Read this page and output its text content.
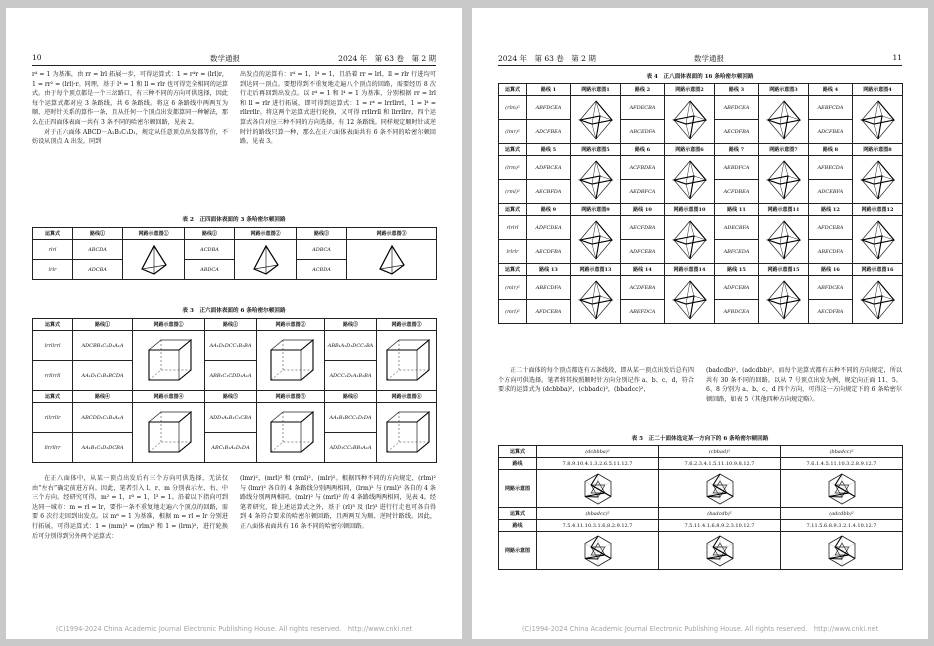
10	数学通报	2024 年　第 63 卷　第 2 期

r⁴ = 1 为基准，由 rr = lrl 拓展一步，可得运算式：1 = r⁴r = (lrl)r，1 = rr² = (lrl)·r。同理，基于 l⁴ = 1 和 ll = rlr 也可得完全相同的运算式。由于每个顶点都是一个三岔路口，有三种不同的方向可供选择，因此每个运算式都对应 3 条路线，共 6 条路线。将这 6 条路线中两两互为顺、逆时针关系的算作一条，且从任何一个顶点出发都算同一种解法，那么在正四面体表面一共有 3 条不同的哈密尔顿回路，见表 2。

对于正六面体 ABCD－A₁B₁C₁D₁，规定从任意顶点出发都等价，不妨设从顶点 A 出发。同到

出发点的运算有：r⁴ = 1，l⁴ = 1，且沿着 rr = lrl，ll = rlr 行进均可到达同一顶点。要想得到不重复地走遍八个顶点的回路，需要经历 8 次行走后再回到出发点。以 r⁴ = 1 和 l⁴ = 1 为基准，分别根据 rr = lrl 和 ll = rlr 进行拓展，即可得到运算式：1 = r⁴ = lrrllrrl，1 = l⁴ = rllrrllr。将这两个运算式进行轮换，又可得 rrllrrll 和 llrrllrr。四个运算式各自对应三种不同的方向选择，有 12 条路线。同样规定顺时针或逆时针的路线只算一种，那么在正六面体表面共有 6 条不同的哈密尔顿回路，见表 3。

表 2　正四面体表面的 3 条哈密尔顿回路
运算式	路线①	网路示意图①	路线②	网路示意图②	路线③	网路示意图③
rlrl	ABCDA		ACDBA		ADBCA	

lrlr	ADCBA		ABDCA		ACBDA	
表 3　正六面体表面的 6 条哈密尔顿回路
运算式	路线①	网路示意图①	路线②	网路示意图②	路线③	网路示意图③
lrrllrrl	ADCBB₁C₁D₁A₁A		AA₁D₁DCC₁B₁BA		ABB₁A₁D₁DCC₁BA	

rrllrrll	AA₁D₁C₁B₁BCDA		ABB₁C₁CDD₁A₁A		ADCC₁D₁A₁B₁BA	
运算式	路线④	网路示意图④	路线⑤	网路示意图⑤	路线⑥	网路示意图⑥
rllrrllr	ABCDD₁C₁B₁A₁A		ADD₁A₁B₁C₁CBA		AA₁B₁BCC₁D₁DA	

llrrllrr	AA₁B₁C₁D₁DCBA		ABC₁B₁A₁D₁DA		ADD₁CC₁BB₁A₁A	

在正八面体中，从某一顶点出发后有三个方向可供选择，无法仅由“左右”确定前进方向。因此，笔者引入 l、r、m 分别表示左、右、中三个方向。经研究可得，m² = 1，r³ = 1，l³ = 1。沿着以下指向可到达同一城市：m = rl = lr，要作一条不重复地走遍六个顶点的回路，需要 6 次行走回到出发点。以 m⁶ = 1 为基准，根据 m = rl = lr 分别进行拓展，可得运算式：1 = (mm)³ = (rlm)² 和 1 = (lrm)²，进行轮换后可分别得到另外两个运算式：

(lmr)²，(mrl)² 和 (rml)²，(mlr)²。根据四种不同的方向规定，(rlm)² 与 (lmr)² 各自的 4 条路线分别两两相同，(lrm)² 与 (rml)² 各自的 4 条路线分别两两相同，(mlr)² 与 (mrl)² 的 4 条路线两两相同，见表 4。经笔者研究，除上述运算式之外，基于 (rl)³ 及 (lr)³ 进行行走也可各自得到 4 条符合要求的哈密尔顿回路，且两两互为顺、逆时针路线。因此，正八面体表面共有 16 条不同的哈密尔顿回路。

(C)1994-2024 China Academic Journal Electronic Publishing House. All rights reserved.　http://www.cnki.net
2024 年　第 63 卷　第 2 期	数学通报	11
表 4　正八面体表面的 16 条哈密尔顿回路
运算式	路线 1	网路示意图1	路线 2	网路示意图2	路线 3	网路示意图3	路线 4	网路示意图4
(rlm)²	ABFDCEA		AFDECBA		ABFDCEA		AEBFCDA	

(lmr)²	ADCFBEA		ABCEDFA		AECDFBA		ADCFBEA	
运算式	路线 5	网路示意图5	路线 6	网路示意图6	路线 7	网路示意图7	路线 8	网路示意图8
(lrm)²	ADFBCEA		ACFBDEA		AEBDFCA		AFBECDA	

(rml)²	AECBFDA		AEDBFCA		ACFDBEA		ADCEBFA	
运算式	路线 9	网路示意图9	路线 10	网路示意图10	路线 11	网路示意图11	路线 12	网路示意图12
rlrlrl	ADFCDEA		AECFDBA		ADECBFA		AFDCEBA	

lrlrlr	AECDFBA		ADFCEBA		ABFCEDA		ABECDFA	
运算式	路线 13	网路示意图13	路线 14	网路示意图14	路线 15	网路示意图15	路线 16	网路示意图16
(mlr)²	ABECDFA		ACDFEBA		ADFCEBA		ABFDCEA	

(mrl)²	AFDCEBA		ABEFDCA		AFBDCEA		AECDFBA	

正二十面体的每个顶点都连有五条线段，即从某一顶点出发后总有四个方向可供选择。笔者将其按照顺时针方向分别记作 a、b、c、d，符合要求的运算式为 (dcbbba)²，(cbbadc)²，(bbadcc)²，

(badcdb)²，(adcdbb)²。而每个运算式都有五种不同的方向规定，所以共有 30 条不同的回路。以从 7 号顶点出发为例，规定向正面 11、5、6、8 分别为 a、b、c、d 四个方向，可得这一方向规定下的 6 条哈密尔顿回路，如表 5（其他四种方向规定略）。

表 5　正二十面体选定某一方向下的 6 条哈密尔顿回路
运算式	(dcbbba)²	(cbbad)²	(bbadcc)²
路线	7.8.9.10.4.1.3.2.6.5.11.12.7	7.6.2.3.4.1.5.11.10.9.8.12.7	7.6.1.4.5.11.10.3.2.8.9.12.7
网路示意图	

运算式	(bbadcc)²	(badcdb)²	(adcdbb)²
路线	7.5.4.11.10.3.1.6.8.2.9.12.7	7.5.11.4.1.6.8.9.2.3.10.12.7	7.11.5.6.8.9.3.2.1.4.10.12.7
网路示意图	

(C)1994-2024 China Academic Journal Electronic Publishing House. All rights reserved.　http://www.cnki.net
